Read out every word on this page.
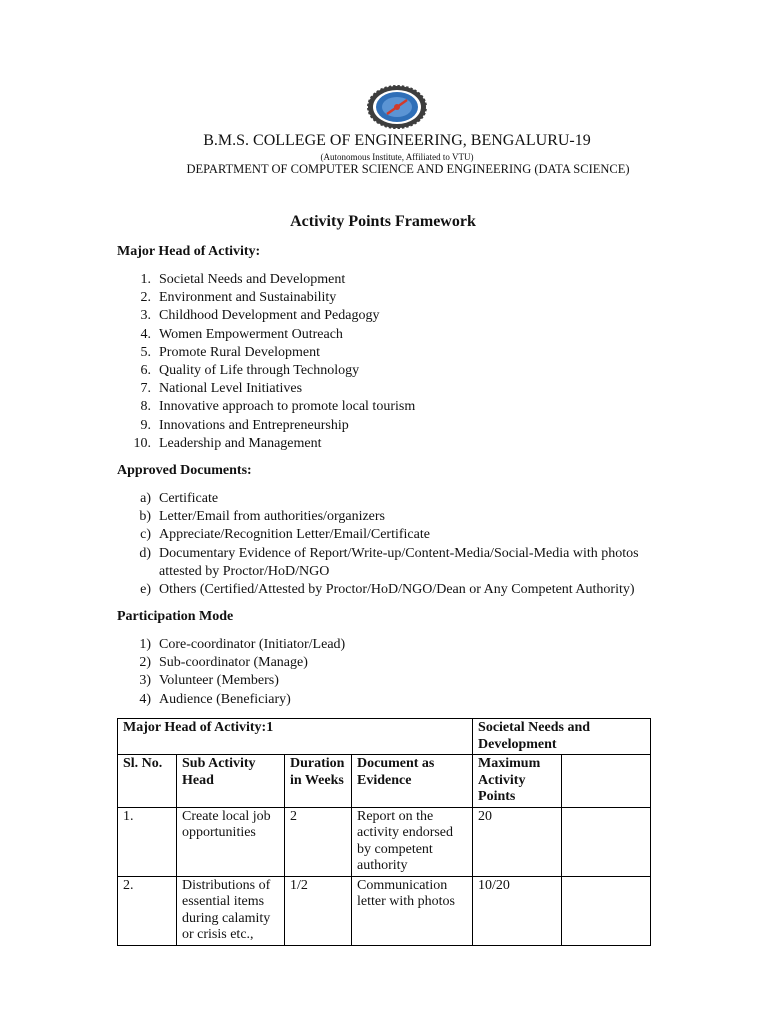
B.M.S. COLLEGE OF ENGINEERING, BENGALURU-19
(Autonomous Institute, Affiliated to VTU)
DEPARTMENT OF COMPUTER SCIENCE AND ENGINEERING (DATA SCIENCE)
Activity Points Framework
Major Head of Activity:
1. Societal Needs and Development
2. Environment and Sustainability
3. Childhood Development and Pedagogy
4. Women Empowerment Outreach
5. Promote Rural Development
6. Quality of Life through Technology
7. National Level Initiatives
8. Innovative approach to promote local tourism
9. Innovations and Entrepreneurship
10. Leadership and Management
Approved Documents:
a) Certificate
b) Letter/Email from authorities/organizers
c) Appreciate/Recognition Letter/Email/Certificate
d) Documentary Evidence of Report/Write-up/Content-Media/Social-Media with photos attested by Proctor/HoD/NGO
e) Others (Certified/Attested by Proctor/HoD/NGO/Dean or Any Competent Authority)
Participation Mode
1) Core-coordinator (Initiator/Lead)
2) Sub-coordinator (Manage)
3) Volunteer (Members)
4) Audience (Beneficiary)
Major Head of Activity:1				Societal Needs and Development	
Sl. No.	Sub Activity Head	Duration in Weeks	Document as Evidence	Maximum Activity Points	
1.	Create local job opportunities	2	Report on the activity endorsed by competent authority	20	
2.	Distributions of essential items during calamity or crisis etc.,	1/2	Communication letter with photos	10/20	
